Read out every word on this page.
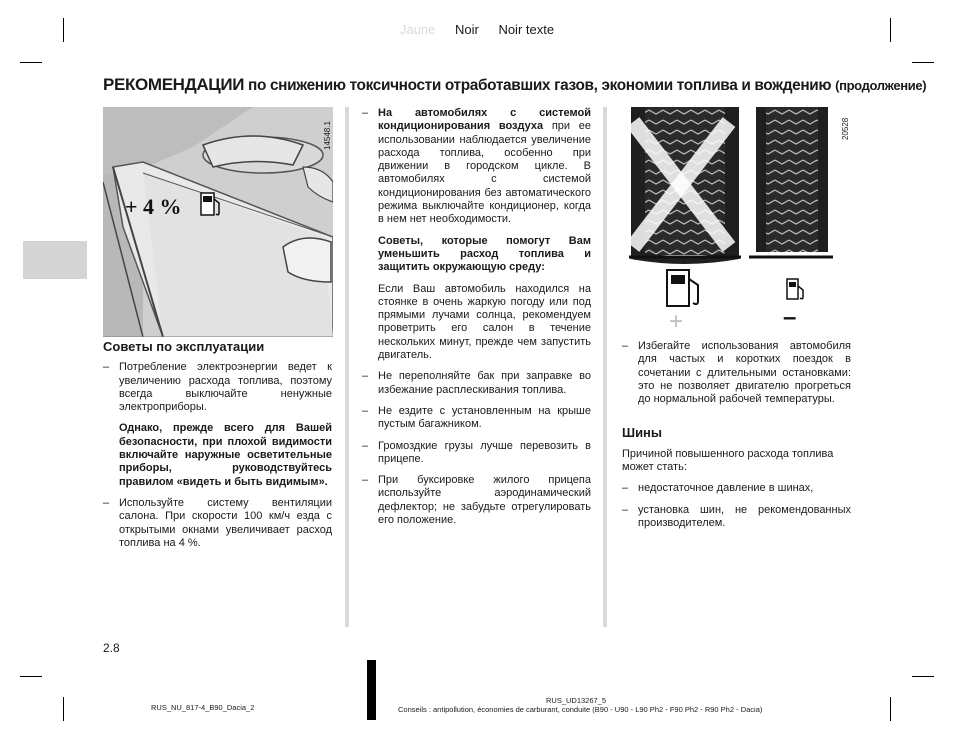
Jaune Noir Noir texte
РЕКОМЕНДАЦИИ по снижению токсичности отработавших газов, экономии топлива и вождению (продолжение)
+ 4 %
14548.1
Советы по эксплуатации

– Потребление электроэнергии ведет к увеличению расхода топлива, поэтому всегда выключайте ненужные электроприборы.

Однако, прежде всего для Вашей безопасности, при плохой видимости включайте наружные осветительные приборы, руководствуйтесь правилом «видеть и быть видимым».

– Используйте систему вентиляции салона. При скорости 100 км/ч езда с открытыми окнами увеличивает расход топлива на 4 %.

– На автомобилях с системой кондиционирования воздуха при ее использовании наблюдается увеличение расхода топлива, особенно при движении в городском цикле. В автомобилях с системой кондиционирования без автоматического режима выключайте кондиционер, когда в нем нет необходимости.

Советы, которые помогут Вам уменьшить расход топлива и защитить окружающую среду:

Если Ваш автомобиль находился на стоянке в очень жаркую погоду или под прямыми лучами солнца, рекомендуем проветрить его салон в течение нескольких минут, прежде чем запустить двигатель.

– Не переполняйте бак при заправке во избежание расплескивания топлива.

– Не ездите с установленным на крыше пустым багажником.

– Громоздкие грузы лучше перевозить в прицепе.

– При буксировке жилого прицепа используйте аэродинамический дефлектор; не забудьте отрегулировать его положение.

+	–
20528

– Избегайте использования автомобиля для частых и коротких поездок в сочетании с длительными остановками: это не позволяет двигателю прогреться до нормальной рабочей температуры.

Шины

Причиной повышенного расхода топлива может стать:

– недостаточное давление в шинах,

– установка шин, не рекомендованных производителем.

2.8
RUS_NU_817-4_B90_Dacia_2
RUS_UD13267_5
Conseils : antipollution, économies de carburant, conduite (B90 - U90 - L90 Ph2 - F90 Ph2 - R90 Ph2 - Dacia)
